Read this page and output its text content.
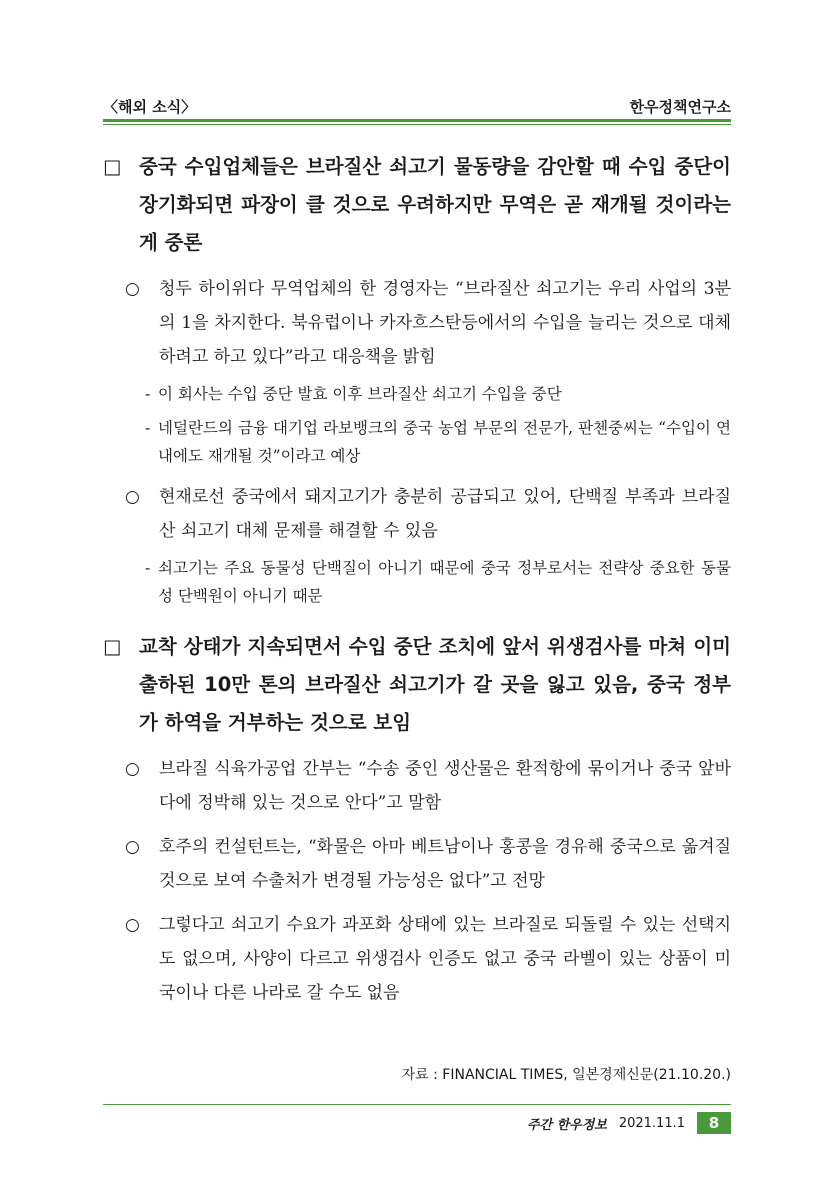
〈해외 소식〉	한우정책연구소
□ 중국 수입업체들은 브라질산 쇠고기 물동량을 감안할 때 수입 중단이 장기화되면 파장이 클 것으로 우려하지만 무역은 곧 재개될 것이라는 게 중론
○ 청두 하이위다 무역업체의 한 경영자는 “브라질산 쇠고기는 우리 사업의 3분의 1을 차지한다. 북유럽이나 카자흐스탄등에서의 수입을 늘리는 것으로 대체하려고 하고 있다”라고 대응책을 밝힘
- 이 회사는 수입 중단 발효 이후 브라질산 쇠고기 수입을 중단
- 네덜란드의 금융 대기업 라보뱅크의 중국 농업 부문의 전문가, 판첸중씨는 “수입이 연내에도 재개될 것”이라고 예상
○ 현재로선 중국에서 돼지고기가 충분히 공급되고 있어, 단백질 부족과 브라질산 쇠고기 대체 문제를 해결할 수 있음
- 쇠고기는 주요 동물성 단백질이 아니기 때문에 중국 정부로서는 전략상 중요한 동물성 단백원이 아니기 때문
□ 교착 상태가 지속되면서 수입 중단 조치에 앞서 위생검사를 마쳐 이미 출하된 10만 톤의 브라질산 쇠고기가 갈 곳을 잃고 있음, 중국 정부가 하역을 거부하는 것으로 보임
○ 브라질 식육가공업 간부는 “수송 중인 생산물은 환적항에 묶이거나 중국 앞바다에 정박해 있는 것으로 안다”고 말함
○ 호주의 컨설턴트는, “화물은 아마 베트남이나 홍콩을 경유해 중국으로 옮겨질 것으로 보여 수출처가 변경될 가능성은 없다”고 전망
○ 그렇다고 쇠고기 수요가 과포화 상태에 있는 브라질로 되돌릴 수 있는 선택지도 없으며, 사양이 다르고 위생검사 인증도 없고 중국 라벨이 있는 상품이 미국이나 다른 나라로 갈 수도 없음
자료 : FINANCIAL TIMES, 일본경제신문(21.10.20.)
주간 한우정보 2021.11.1	8
